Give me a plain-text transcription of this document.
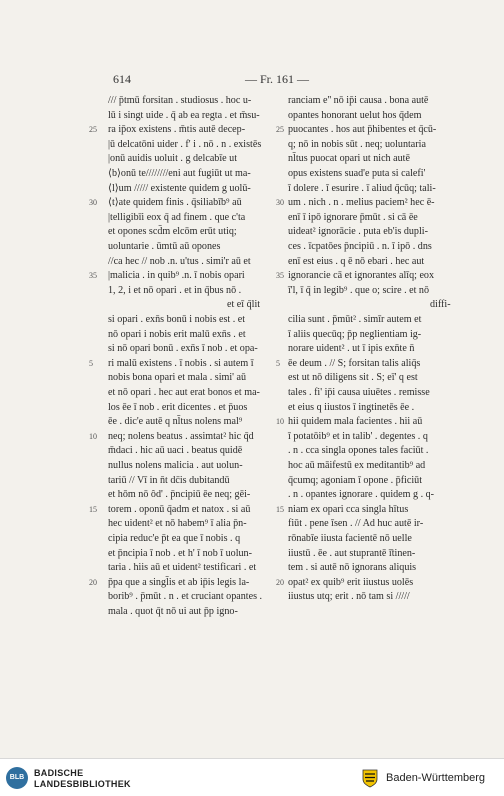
614	— Fr. 161 —
/// p̄tmū forsitan . studiosus . hoc u-
lū i singt uide . q̄ ab ea regta . et m̄su-
ra ip̄ox existens . m̄tis autē decep-
|ū delcatōni uider . f' i . nō . n . existēs
|onū auidis uoluit . g delcabīe ut
⟨b⟩onū te////////eni aut fugiūt ut ma-
⟨l⟩um ///// existente quidem g uolū-
⟨t⟩ate quidem finis . q̄siliabīb⁹ aū
|telligibīi eox q̄ ad finem . que c'ta
et opones scd̄m elcōm erūt utiq;
uoluntarie . ūmtū aū opones
//ca hec // nob .n. u'tus . simi'r aū et
|malicia . in quib⁹ .n. ī nobis opari
1, 2, i et nō opari . et in q̄bus nō .
et eī q̄lit
si opari . exn̄s bonū i nobis est . et
nō opari i nobis erit malū exn̄s . et
si nō opari bonū . exn̄s ī nob . et opa-
ri malū existens . ī nobis . si autem ī
nobis bona opari et mala . simi' aū
et nō opari . hec aut erat bonos et ma-
los ēe ī nob . erit dicentes . et p̄uos
ēe . dic'e autē q nl̄tus nolens mal⁹
neq; nolens beatus . assimtat² hic q̄d
m̄daci . hic aū uaci . beatus quidē
nullus nolens malicia . aut uolun-
tariū // Vī in n̄t dc̄is dubitandū
et hōm nō ôd' . p̄ncipiū ēe neq; gēi-
torem . oponū q̄adm et natox . si aū
hec uident² et nō habem⁹ ī alia p̄n-
cipia reduc'e p̄t ea que ī nobis . q
et p̄ncipia ī nob . et h' ī nob ī uolun-
taria . hiis aū et uident² testificari . et
p̄pa que a singl̄is et ab ip̄is legis la-
borib⁹ . p̄mūt . n . et cruciant opantes .
mala . quot q̄t nō ui aut p̄p igno-
ranciam e'' nō ip̄i causa . bona autē
opantes honorant uelut hos q̄dem
puocantes . hos aut p̄hibentes et q̄cū-
q; nō in nobis sūt . neq; uoluntaria
nl̄tus puocat opari ut nich autē
opus existens suad'e puta si calefi'
ī dolere . ī esurire . ī aliud q̄cūq; tali-
um . nich . n . melius paciem² hec ē-
enī ī ipō ignorare p̄mūt . si cā ēe
uideat² ignorācie . puta eb'is dupli-
ces . īcpatōes p̄ncipiū . n. ī ipō . dns
enī est eius . q ē nō ebari . hec aut
ignorancie cā et ignorantes alīq; eox
ī'l, ī q̄ in legib⁹ . que o; scire . et nō
diffi-
cilia sunt . p̄mūt² . simīr autem et
ī aliis quecūq; p̄p neglientiam ig-
norare uident² . ut ī ipis exn̄te n̄
ēe deum . // S; forsitan talis aliq̄s
est ut nō diligens sit . S; eī' q est
tales . fi' ip̄i causa uiuētes . remisse
et eius q iiustos ī ingtinetēs ēe .
hii quidem mala facientes . hii aū
ī potatōib⁹ et in talib' . degentes . q
. n . cca singla opones tales faciūt .
hoc aū māifestū ex meditantib⁹ ad
q̄cumq; agoniam ī opone . p̄ficiūt
. n . opantes ignorare . quidem g . q-
niam ex opari cca singla hītus
fiūt . pene īsen . // Ad huc autē ir-
rōnabīe iiusta facientē nō uelle
iiustū . ēe . aut stuprantē ī̄tinen-
tem . si autē nō ignorans aliquis
opat² ex quib⁹ erit iiustus uolēs
iiustus utq; erit . nō tam si /////
25
30
35
5
10
15
20
25
30
35
5
10
15
20
BLB	BADISCHE
LANDESBIBLIOTHEK	Baden-Württemberg
